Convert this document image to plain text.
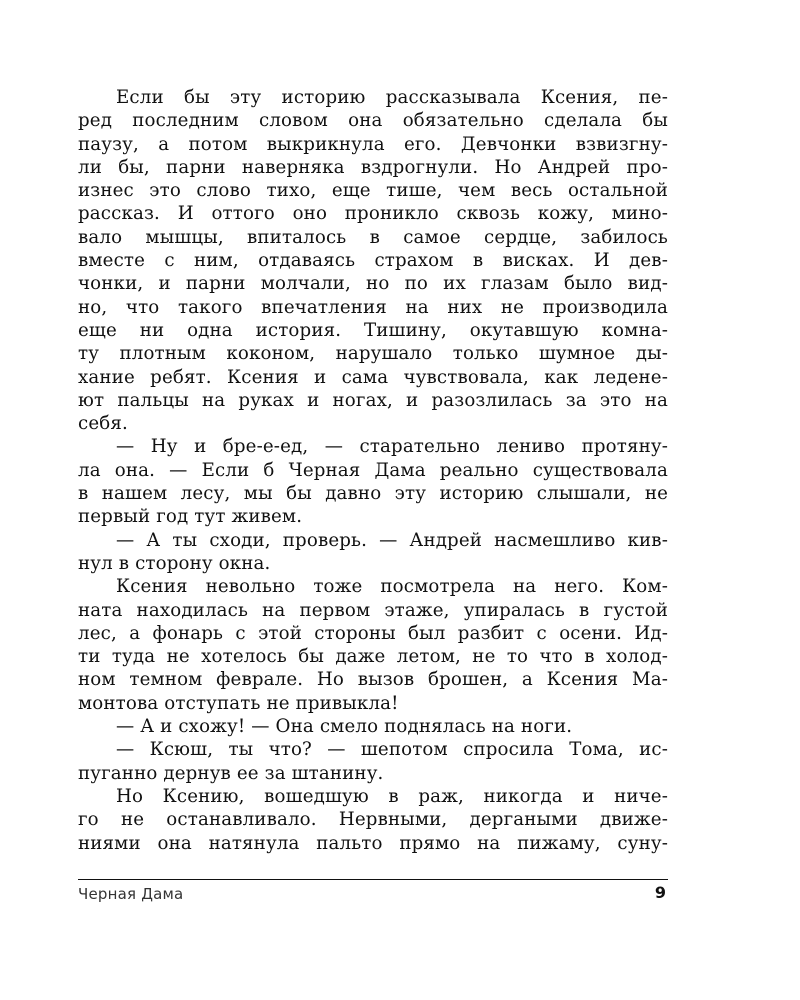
Если бы эту историю рассказывала Ксения, пе-
ред последним словом она обязательно сделала бы
паузу, а потом выкрикнула его. Девчонки взвизгну-
ли бы, парни наверняка вздрогнули. Но Андрей про-
изнес это слово тихо, еще тише, чем весь остальной
рассказ. И оттого оно проникло сквозь кожу, мино-
вало мышцы, впиталось в самое сердце, забилось
вместе с ним, отдаваясь страхом в висках. И дев-
чонки, и парни молчали, но по их глазам было вид-
но, что такого впечатления на них не производила
еще ни одна история. Тишину, окутавшую комна-
ту плотным коконом, нарушало только шумное ды-
хание ребят. Ксения и сама чувствовала, как ледене-
ют пальцы на руках и ногах, и разозлилась за это на
себя.
— Ну и бре-е-ед, — старательно лениво протяну-
ла она. — Если б Черная Дама реально существовала
в нашем лесу, мы бы давно эту историю слышали, не
первый год тут живем.
— А ты сходи, проверь. — Андрей насмешливо кив-
нул в сторону окна.
Ксения невольно тоже посмотрела на него. Ком-
ната находилась на первом этаже, упиралась в густой
лес, а фонарь с этой стороны был разбит с осени. Ид-
ти туда не хотелось бы даже летом, не то что в холод-
ном темном феврале. Но вызов брошен, а Ксения Ма-
монтова отступать не привыкла!
— А и схожу! — Она смело поднялась на ноги.
— Ксюш, ты что? — шепотом спросила Тома, ис-
пуганно дернув ее за штанину.
Но Ксению, вошедшую в раж, никогда и ниче-
го не останавливало. Нервными, дергаными движе-
ниями она натянула пальто прямо на пижаму, суну-
Черная Дама	9
